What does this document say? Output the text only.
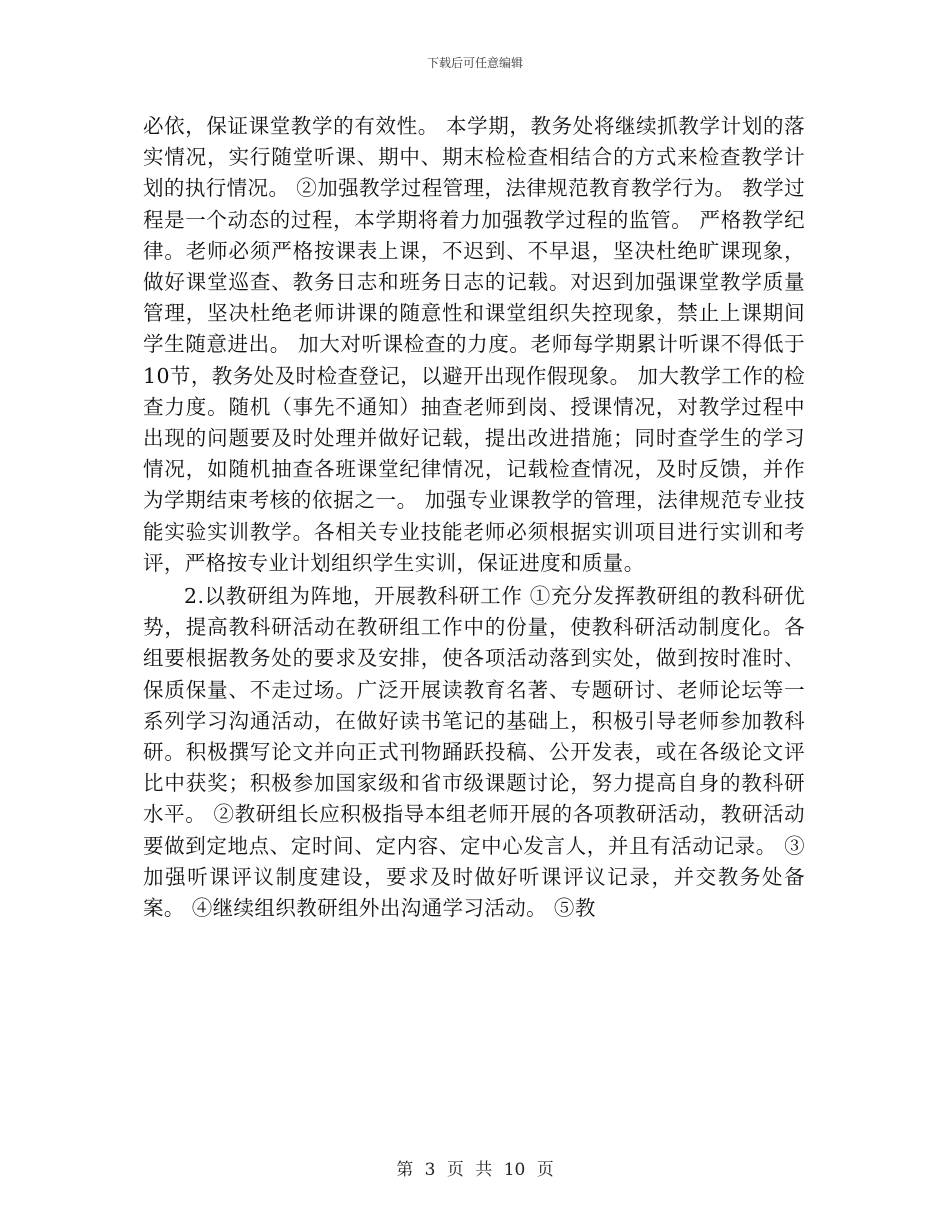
下载后可任意编辑

必依，保证课堂教学的有效性。 本学期，教务处将继续抓教学计划的落实情况，实行随堂听课、期中、期末检检查相结合的方式来检查教学计划的执行情况。 ②加强教学过程管理，法律规范教育教学行为。 教学过程是一个动态的过程，本学期将着力加强教学过程的监管。 严格教学纪律。老师必须严格按课表上课，不迟到、不早退，坚决杜绝旷课现象，做好课堂巡查、教务日志和班务日志的记载。对迟到加强课堂教学质量管理，坚决杜绝老师讲课的随意性和课堂组织失控现象，禁止上课期间学生随意进出。 加大对听课检查的力度。老师每学期累计听课不得低于10节，教务处及时检查登记，以避开出现作假现象。 加大教学工作的检查力度。随机（事先不通知）抽查老师到岗、授课情况，对教学过程中出现的问题要及时处理并做好记载，提出改进措施；同时查学生的学习情况，如随机抽查各班课堂纪律情况，记载检查情况，及时反馈，并作为学期结束考核的依据之一。 加强专业课教学的管理，法律规范专业技能实验实训教学。各相关专业技能老师必须根据实训项目进行实训和考评，严格按专业计划组织学生实训，保证进度和质量。

2.以教研组为阵地，开展教科研工作 ①充分发挥教研组的教科研优势，提高教科研活动在教研组工作中的份量，使教科研活动制度化。各组要根据教务处的要求及安排，使各项活动落到实处，做到按时准时、保质保量、不走过场。广泛开展读教育名著、专题研讨、老师论坛等一系列学习沟通活动，在做好读书笔记的基础上，积极引导老师参加教科研。积极撰写论文并向正式刊物踊跃投稿、公开发表，或在各级论文评比中获奖；积极参加国家级和省市级课题讨论，努力提高自身的教科研水平。 ②教研组长应积极指导本组老师开展的各项教研活动，教研活动要做到定地点、定时间、定内容、定中心发言人，并且有活动记录。 ③加强听课评议制度建设，要求及时做好听课评议记录，并交教务处备案。 ④继续组织教研组外出沟通学习活动。 ⑤教

第 3 页 共 10 页
